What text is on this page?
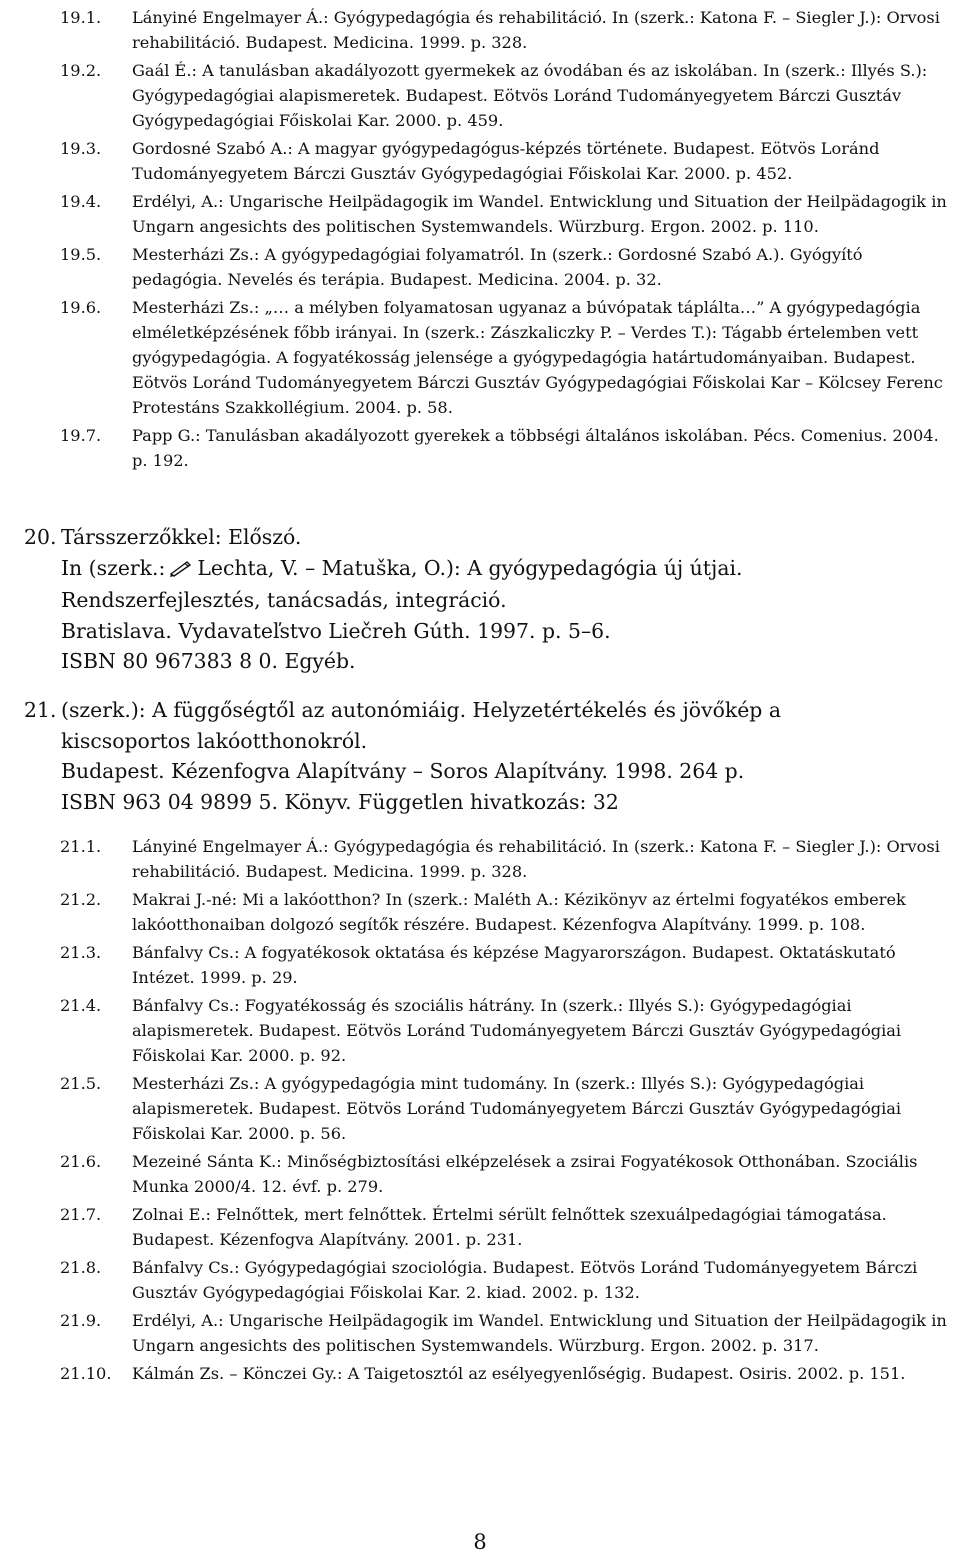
19.1.	Lányiné Engelmayer Á.: Gyógypedagógia és rehabilitáció. In (szerk.: Katona F. – Siegler J.): Orvosi rehabilitáció. Budapest. Medicina. 1999. p. 328.
19.2.	Gaál É.: A tanulásban akadályozott gyermekek az óvodában és az iskolában. In (szerk.: Illyés S.): Gyógypedagógiai alapismeretek. Budapest. Eötvös Loránd Tudományegyetem Bárczi Gusztáv Gyógypedagógiai Főiskolai Kar. 2000. p. 459.
19.3.	Gordosné Szabó A.: A magyar gyógypedagógus-képzés története. Budapest. Eötvös Loránd Tudományegyetem Bárczi Gusztáv Gyógypedagógiai Főiskolai Kar. 2000. p. 452.
19.4.	Erdélyi, A.: Ungarische Heilpädagogik im Wandel. Entwicklung und Situation der Heilpädagogik in Ungarn angesichts des politischen Systemwandels. Würzburg. Ergon. 2002. p. 110.
19.5.	Mesterházi Zs.: A gyógypedagógiai folyamatról. In (szerk.: Gordosné Szabó A.). Gyógyító pedagógia. Nevelés és terápia. Budapest. Medicina. 2004. p. 32.
19.6.	Mesterházi Zs.: „… a mélyben folyamatosan ugyanaz a búvópatak táplálta…” A gyógypedagógia elméletképzésének főbb irányai. In (szerk.: Zászkaliczky P. – Verdes T.): Tágabb értelemben vett gyógypedagógia. A fogyatékosság jelensége a gyógypedagógia határtudományaiban. Budapest. Eötvös Loránd Tudományegyetem Bárczi Gusztáv Gyógypedagógiai Főiskolai Kar – Kölcsey Ferenc Protestáns Szakkollégium. 2004. p. 58.
19.7.	Papp G.: Tanulásban akadályozott gyerekek a többségi általános iskolában. Pécs. Comenius. 2004. p. 192.
20. Társszerzőkkel: Előszó.
In (szerk.: Lechta, V. – Matuška, O.): A gyógypedagógia új útjai.
Rendszerfejlesztés, tanácsadás, integráció.
Bratislava. Vydavateľstvo Liečreh Gúth. 1997. p. 5–6.
ISBN 80 967383 8 0. Egyéb.
21. (szerk.): A függőségtől az autonómiáig. Helyzetértékelés és jövőkép a kiscsoportos lakóotthonokról.
Budapest. Kézenfogva Alapítvány – Soros Alapítvány. 1998. 264 p.
ISBN 963 04 9899 5. Könyv. Független hivatkozás: 32
21.1.	Lányiné Engelmayer Á.: Gyógypedagógia és rehabilitáció. In (szerk.: Katona F. – Siegler J.): Orvosi rehabilitáció. Budapest. Medicina. 1999. p. 328.
21.2.	Makrai J.-né: Mi a lakóotthon? In (szerk.: Maléth A.: Kézikönyv az értelmi fogyatékos emberek lakóotthonaiban dolgozó segítők részére. Budapest. Kézenfogva Alapítvány. 1999. p. 108.
21.3.	Bánfalvy Cs.: A fogyatékosok oktatása és képzése Magyarországon. Budapest. Oktatáskutató Intézet. 1999. p. 29.
21.4.	Bánfalvy Cs.: Fogyatékosság és szociális hátrány. In (szerk.: Illyés S.): Gyógypedagógiai alapismeretek. Budapest. Eötvös Loránd Tudományegyetem Bárczi Gusztáv Gyógypedagógiai Főiskolai Kar. 2000. p. 92.
21.5.	Mesterházi Zs.: A gyógypedagógia mint tudomány. In (szerk.: Illyés S.): Gyógypedagógiai alapismeretek. Budapest. Eötvös Loránd Tudományegyetem Bárczi Gusztáv Gyógypedagógiai Főiskolai Kar. 2000. p. 56.
21.6.	Mezeiné Sánta K.: Minőségbiztosítási elképzelések a zsirai Fogyatékosok Otthonában. Szociális Munka 2000/4. 12. évf. p. 279.
21.7.	Zolnai E.: Felnőttek, mert felnőttek. Értelmi sérült felnőttek szexuálpedagógiai támogatása. Budapest. Kézenfogva Alapítvány. 2001. p. 231.
21.8.	Bánfalvy Cs.: Gyógypedagógiai szociológia. Budapest. Eötvös Loránd Tudományegyetem Bárczi Gusztáv Gyógypedagógiai Főiskolai Kar. 2. kiad. 2002. p. 132.
21.9.	Erdélyi, A.: Ungarische Heilpädagogik im Wandel. Entwicklung und Situation der Heilpädagogik in Ungarn angesichts des politischen Systemwandels. Würzburg. Ergon. 2002. p. 317.
21.10.	Kálmán Zs. – Könczei Gy.: A Taigetosztól az esélyegyenlőségig. Budapest. Osiris. 2002. p. 151.
8
